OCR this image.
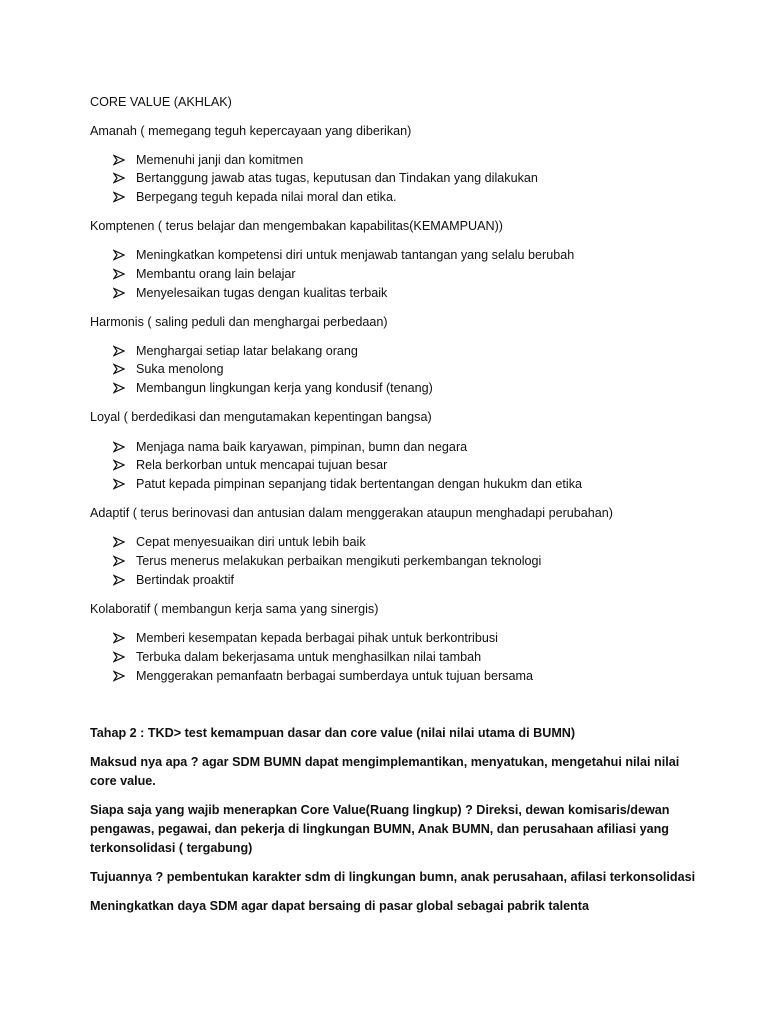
CORE VALUE (AKHLAK)
Amanah ( memegang teguh kepercayaan yang diberikan)
Memenuhi janji dan komitmen
Bertanggung jawab atas tugas, keputusan dan Tindakan yang dilakukan
Berpegang teguh kepada nilai moral dan etika.
Komptenen ( terus belajar dan mengembakan kapabilitas(KEMAMPUAN))
Meningkatkan kompetensi diri untuk menjawab tantangan yang selalu berubah
Membantu orang lain belajar
Menyelesaikan tugas dengan kualitas terbaik
Harmonis ( saling peduli dan menghargai perbedaan)
Menghargai setiap latar belakang orang
Suka menolong
Membangun lingkungan kerja yang kondusif (tenang)
Loyal ( berdedikasi dan mengutamakan kepentingan bangsa)
Menjaga nama baik karyawan, pimpinan, bumn dan negara
Rela berkorban untuk mencapai tujuan besar
Patut kepada pimpinan sepanjang tidak bertentangan dengan hukukm dan etika
Adaptif ( terus berinovasi dan antusian dalam menggerakan ataupun menghadapi perubahan)
Cepat menyesuaikan diri untuk lebih baik
Terus menerus melakukan perbaikan mengikuti perkembangan teknologi
Bertindak proaktif
Kolaboratif ( membangun kerja sama yang sinergis)
Memberi kesempatan kepada berbagai pihak untuk berkontribusi
Terbuka dalam bekerjasama untuk menghasilkan nilai tambah
Menggerakan pemanfaatn berbagai sumberdaya untuk tujuan bersama
Tahap 2 : TKD> test kemampuan dasar dan core value (nilai nilai utama di BUMN)
Maksud nya apa ? agar SDM BUMN dapat mengimplemantikan, menyatukan, mengetahui nilai nilai
core value.
Siapa saja yang wajib menerapkan Core Value(Ruang lingkup) ? Direksi, dewan komisaris/dewan
pengawas, pegawai, dan pekerja di lingkungan BUMN, Anak BUMN, dan perusahaan afiliasi yang
terkonsolidasi ( tergabung)
Tujuannya ? pembentukan karakter sdm di lingkungan bumn, anak perusahaan, afilasi terkonsolidasi
Meningkatkan daya SDM agar dapat bersaing di pasar global sebagai pabrik talenta
